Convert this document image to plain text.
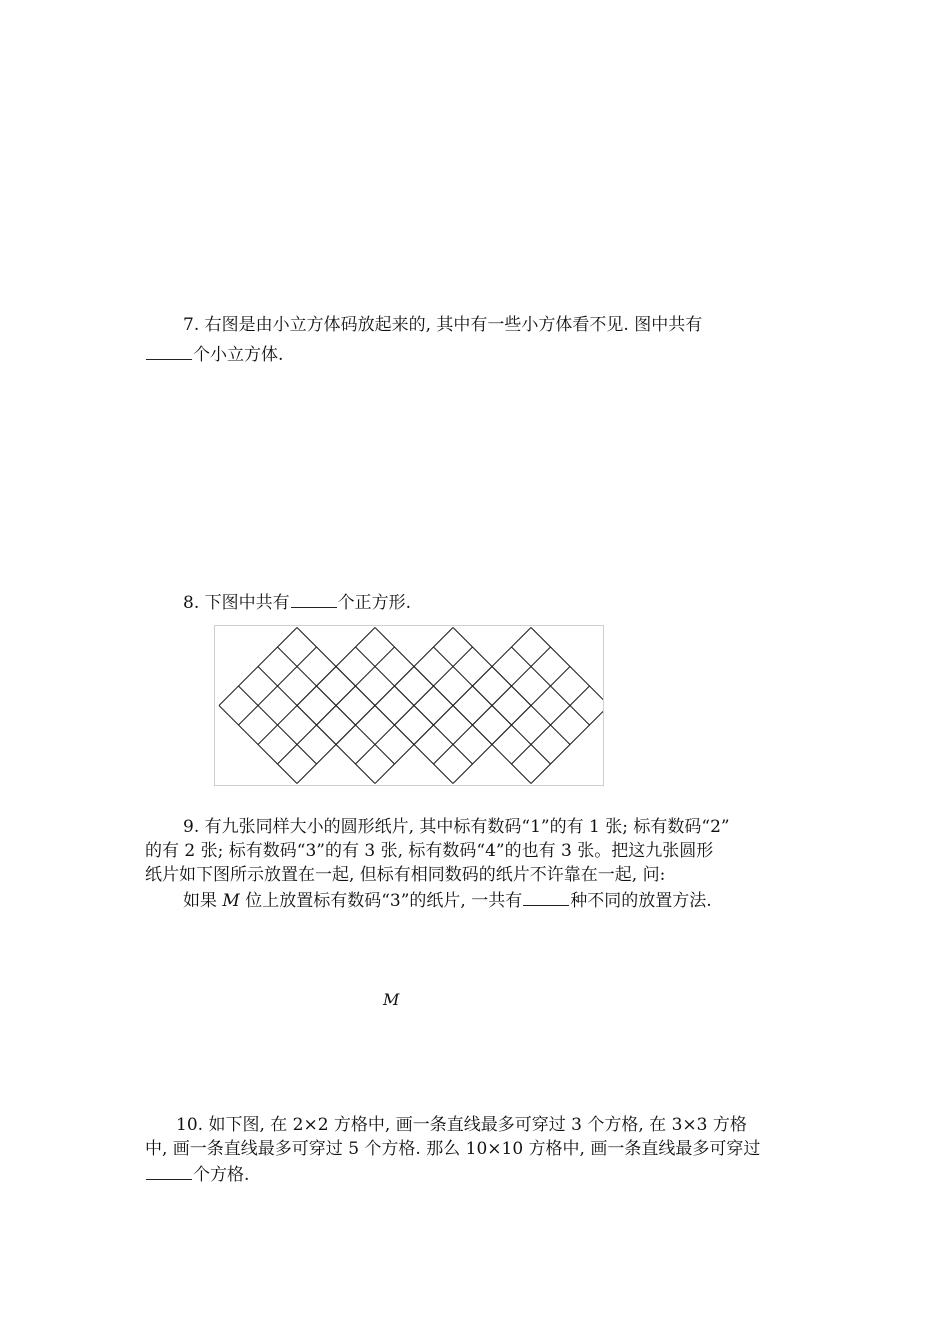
7. 右图是由小立方体码放起来的, 其中有一些小方体看不见. 图中共有
个小立方体.
8. 下图中共有	个正方形.
9. 有九张同样大小的圆形纸片, 其中标有数码“1”的有 1 张; 标有数码“2”
的有 2 张; 标有数码“3”的有 3 张, 标有数码“4”的也有 3 张。把这九张圆形
纸片如下图所示放置在一起, 但标有相同数码的纸片不许靠在一起, 问:
如果 M 位上放置标有数码“3”的纸片, 一共有	种不同的放置方法.
M
10. 如下图, 在 2×2 方格中, 画一条直线最多可穿过 3 个方格, 在 3×3 方格
中, 画一条直线最多可穿过 5 个方格. 那么 10×10 方格中, 画一条直线最多可穿过
个方格.
